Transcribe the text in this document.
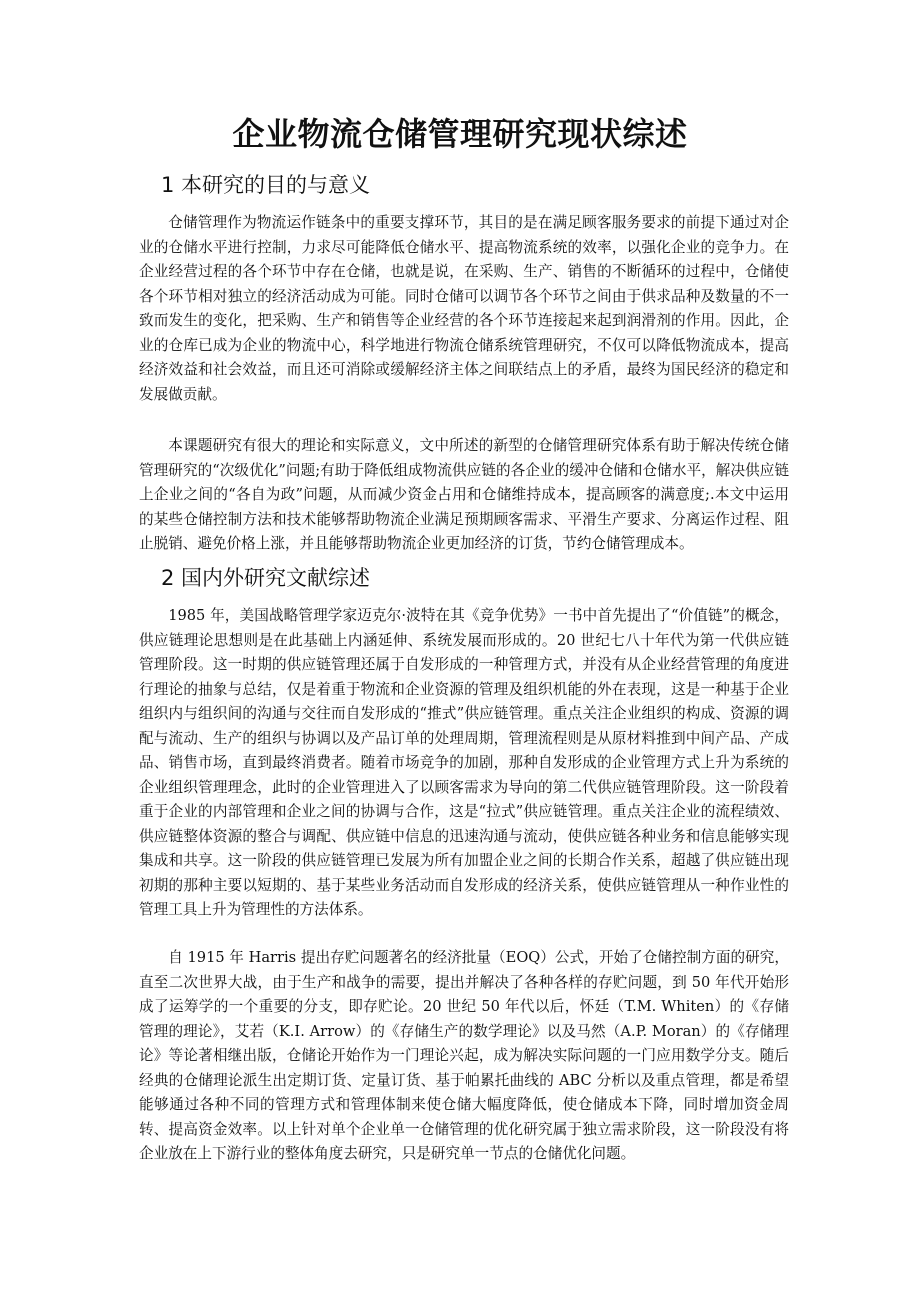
企业物流仓储管理研究现状综述
1 本研究的目的与意义

仓储管理作为物流运作链条中的重要支撑环节，其目的是在满足顾客服务要求的前提下通过对企业的仓储水平进行控制，力求尽可能降低仓储水平、提高物流系统的效率，以强化企业的竞争力。在企业经营过程的各个环节中存在仓储，也就是说，在采购、生产、销售的不断循环的过程中，仓储使各个环节相对独立的经济活动成为可能。同时仓储可以调节各个环节之间由于供求品种及数量的不一致而发生的变化，把采购、生产和销售等企业经营的各个环节连接起来起到润滑剂的作用。因此，企业的仓库已成为企业的物流中心，科学地进行物流仓储系统管理研究，不仅可以降低物流成本，提高经济效益和社会效益，而且还可消除或缓解经济主体之间联结点上的矛盾，最终为国民经济的稳定和发展做贡献。

本课题研究有很大的理论和实际意义，文中所述的新型的仓储管理研究体系有助于解决传统仓储管理研究的“次级优化”问题;有助于降低组成物流供应链的各企业的缓冲仓储和仓储水平，解决供应链上企业之间的“各自为政”问题，从而减少资金占用和仓储维持成本，提高顾客的满意度;.本文中运用的某些仓储控制方法和技术能够帮助物流企业满足预期顾客需求、平滑生产要求、分离运作过程、阻止脱销、避免价格上涨，并且能够帮助物流企业更加经济的订货，节约仓储管理成本。

2 国内外研究文献综述

1985 年，美国战略管理学家迈克尔·波特在其《竞争优势》一书中首先提出了“价值链”的概念，供应链理论思想则是在此基础上内涵延伸、系统发展而形成的。20 世纪七八十年代为第一代供应链管理阶段。这一时期的供应链管理还属于自发形成的一种管理方式，并没有从企业经营管理的角度进行理论的抽象与总结，仅是着重于物流和企业资源的管理及组织机能的外在表现，这是一种基于企业组织内与组织间的沟通与交往而自发形成的“推式”供应链管理。重点关注企业组织的构成、资源的调配与流动、生产的组织与协调以及产品订单的处理周期，管理流程则是从原材料推到中间产品、产成品、销售市场，直到最终消费者。随着市场竞争的加剧，那种自发形成的企业管理方式上升为系统的企业组织管理理念，此时的企业管理进入了以顾客需求为导向的第二代供应链管理阶段。这一阶段着重于企业的内部管理和企业之间的协调与合作，这是“拉式”供应链管理。重点关注企业的流程绩效、供应链整体资源的整合与调配、供应链中信息的迅速沟通与流动，使供应链各种业务和信息能够实现集成和共享。这一阶段的供应链管理已发展为所有加盟企业之间的长期合作关系，超越了供应链出现初期的那种主要以短期的、基于某些业务活动而自发形成的经济关系，使供应链管理从一种作业性的管理工具上升为管理性的方法体系。

自 1915 年 Harris 提出存贮问题著名的经济批量（EOQ）公式，开始了仓储控制方面的研究，直至二次世界大战，由于生产和战争的需要，提出并解决了各种各样的存贮问题，到 50 年代开始形成了运筹学的一个重要的分支，即存贮论。20 世纪 50 年代以后，怀廷（T.M. Whiten）的《存储管理的理论》，艾若（K.I. Arrow）的《存储生产的数学理论》以及马然（A.P. Moran）的《存储理论》等论著相继出版，仓储论开始作为一门理论兴起，成为解决实际问题的一门应用数学分支。随后经典的仓储理论派生出定期订货、定量订货、基于帕累托曲线的 ABC 分析以及重点管理，都是希望能够通过各种不同的管理方式和管理体制来使仓储大幅度降低，使仓储成本下降，同时增加资金周转、提高资金效率。以上针对单个企业单一仓储管理的优化研究属于独立需求阶段，这一阶段没有将企业放在上下游行业的整体角度去研究，只是研究单一节点的仓储优化问题。
